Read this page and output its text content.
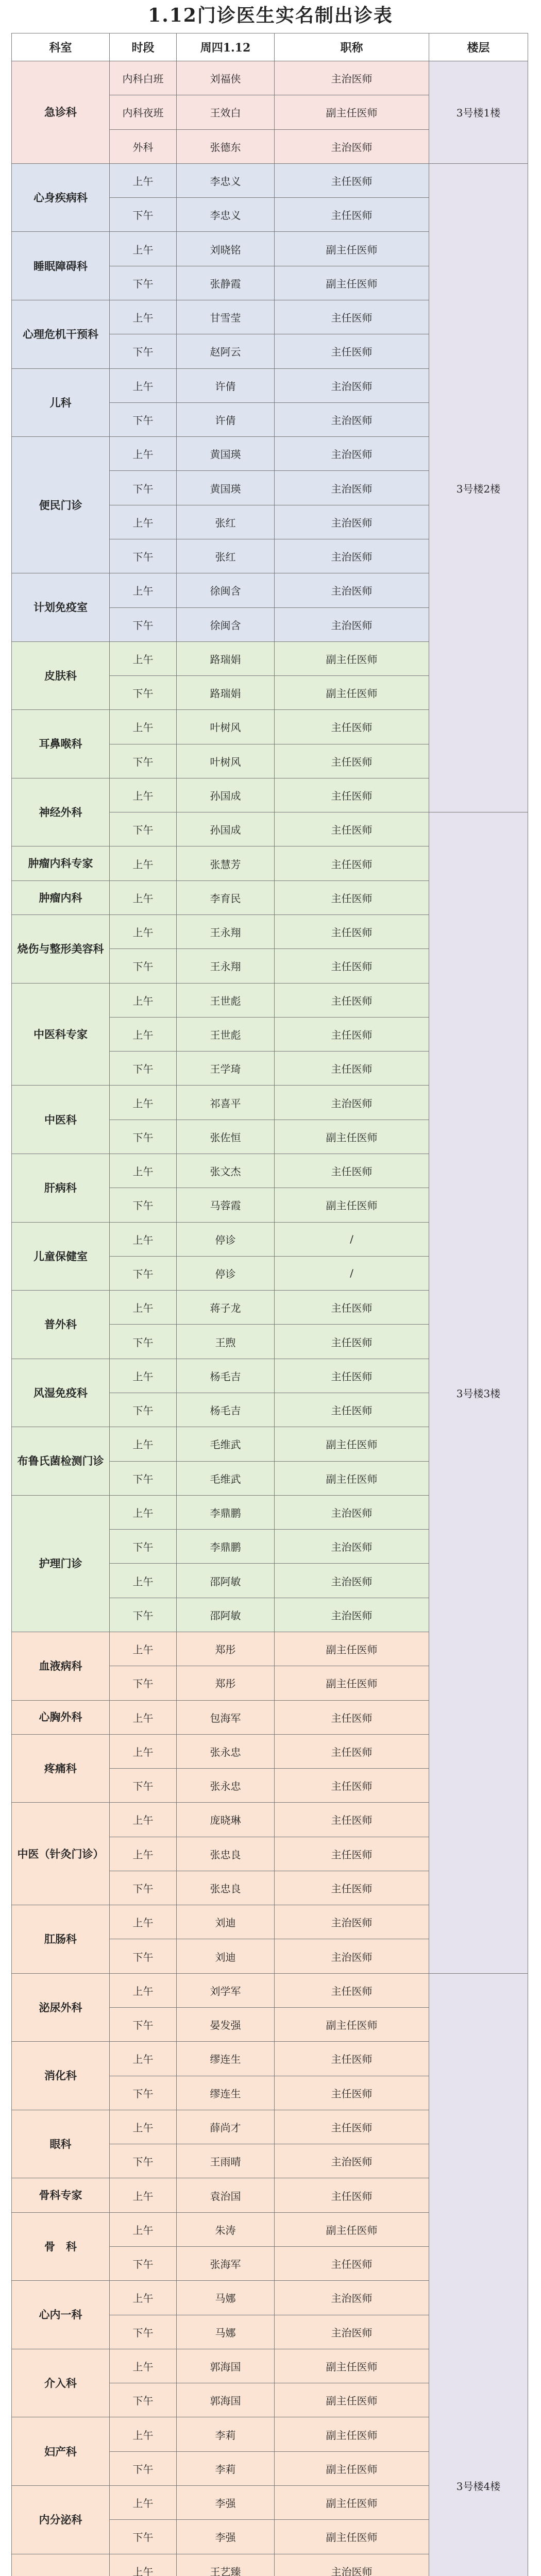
1.12门诊医生实名制出诊表
科室	时段	周四1.12	职称	楼层
急诊科	内科白班	刘福侠	主治医师	3号楼1楼
	内科夜班	王效白	副主任医师	
	外科	张德东	主治医师	
心身疾病科	上午	李忠义	主任医师	3号楼2楼
	下午	李忠义	主任医师	
睡眠障碍科	上午	刘晓铭	副主任医师	
	下午	张静霞	副主任医师	
心理危机干预科	上午	甘雪莹	主任医师	
	下午	赵阿云	主任医师	
儿科	上午	许倩	主治医师	
	下午	许倩	主治医师	
便民门诊	上午	黄国瑛	主治医师	
	下午	黄国瑛	主治医师	
	上午	张红	主治医师	
	下午	张红	主治医师	
计划免疫室	上午	徐闽含	主治医师	
	下午	徐闽含	主治医师	
皮肤科	上午	路瑞娟	副主任医师	
	下午	路瑞娟	副主任医师	
耳鼻喉科	上午	叶树风	主任医师	
	下午	叶树风	主任医师	
神经外科	上午	孙国成	主任医师	
	下午	孙国成	主任医师	3号楼3楼
肿瘤内科专家	上午	张慧芳	主任医师	
肿瘤内科	上午	李育民	主任医师	
烧伤与整形美容科	上午	王永翔	主任医师	
	下午	王永翔	主任医师	
中医科专家	上午	王世彪	主任医师	
	上午	王世彪	主任医师	
	下午	王学琦	主任医师	
中医科	上午	祁喜平	主治医师	
	下午	张佐恒	副主任医师	
肝病科	上午	张文杰	主任医师	
	下午	马蓉霞	副主任医师	
儿童保健室	上午	停诊	/	
	下午	停诊	/	
普外科	上午	蒋子龙	主任医师	
	下午	王煦	主任医师	
风湿免疫科	上午	杨毛吉	主任医师	
	下午	杨毛吉	主任医师	
布鲁氏菌检测门诊	上午	毛维武	副主任医师	
	下午	毛维武	副主任医师	
护理门诊	上午	李鼎鹏	主治医师	
	下午	李鼎鹏	主治医师	
	上午	邵阿敏	主治医师	
	下午	邵阿敏	主治医师	
血液病科	上午	郑彤	副主任医师	
	下午	郑彤	副主任医师	
心胸外科	上午	包海军	主任医师	
疼痛科	上午	张永忠	主任医师	
	下午	张永忠	主任医师	
中医（针灸门诊）	上午	庞晓琳	主任医师	
	上午	张忠良	主任医师	
	下午	张忠良	主任医师	
肛肠科	上午	刘迪	主治医师	
	下午	刘迪	主治医师	
泌尿外科	上午	刘学军	主任医师	3号楼4楼
	下午	晏发强	副主任医师	
消化科	上午	缪连生	主任医师	
	下午	缪连生	主任医师	
眼科	上午	薛尚才	主任医师	
	下午	王雨晴	主治医师	
骨科专家	上午	袁治国	主任医师	
骨　科	上午	朱涛	副主任医师	
	下午	张海军	主任医师	
心内一科	上午	马娜	主治医师	
	下午	马娜	主治医师	
介入科	上午	郭海国	副主任医师	
	下午	郭海国	副主任医师	
妇产科	上午	李莉	副主任医师	
	下午	李莉	副主任医师	
内分泌科	上午	李强	副主任医师	
	下午	李强	副主任医师	
	上午	王艺臻	主治医师	
